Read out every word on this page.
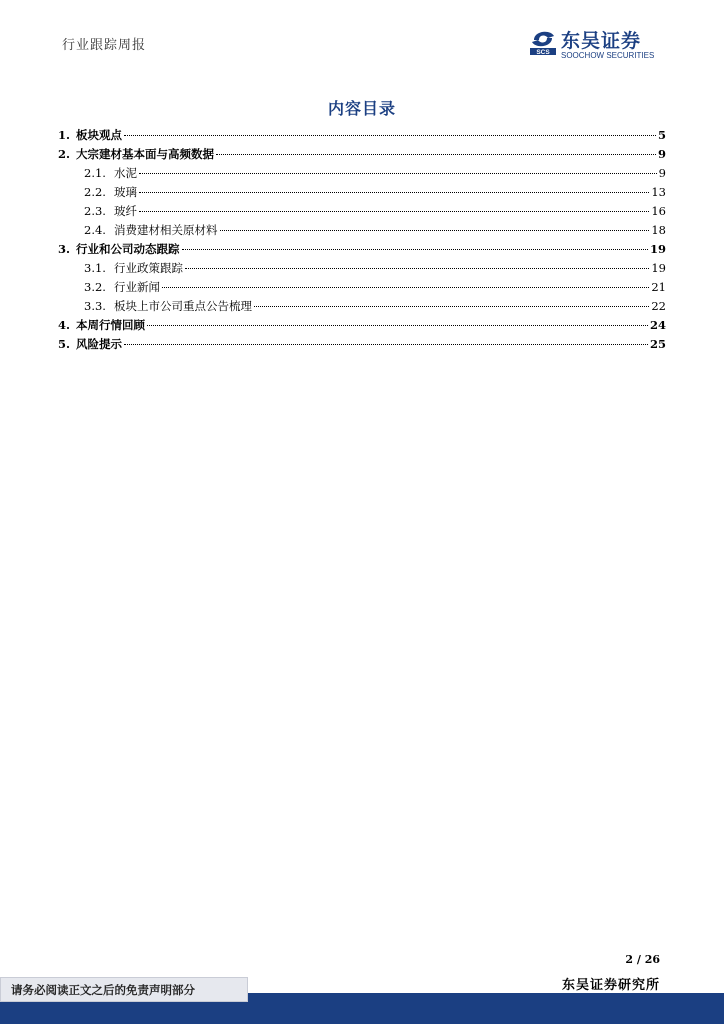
行业跟踪周报	SCS
东吴证券
SOOCHOW SECURITIES
内容目录
1. 板块观点	5
2. 大宗建材基本面与高频数据	9
2.1. 水泥	9
2.2. 玻璃	13
2.3. 玻纤	16
2.4. 消费建材相关原材料	18
3. 行业和公司动态跟踪	19
3.1. 行业政策跟踪	19
3.2. 行业新闻	21
3.3. 板块上市公司重点公告梳理	22
4. 本周行情回顾	24
5. 风险提示	25
2 / 26
东吴证券研究所
请务必阅读正文之后的免责声明部分
